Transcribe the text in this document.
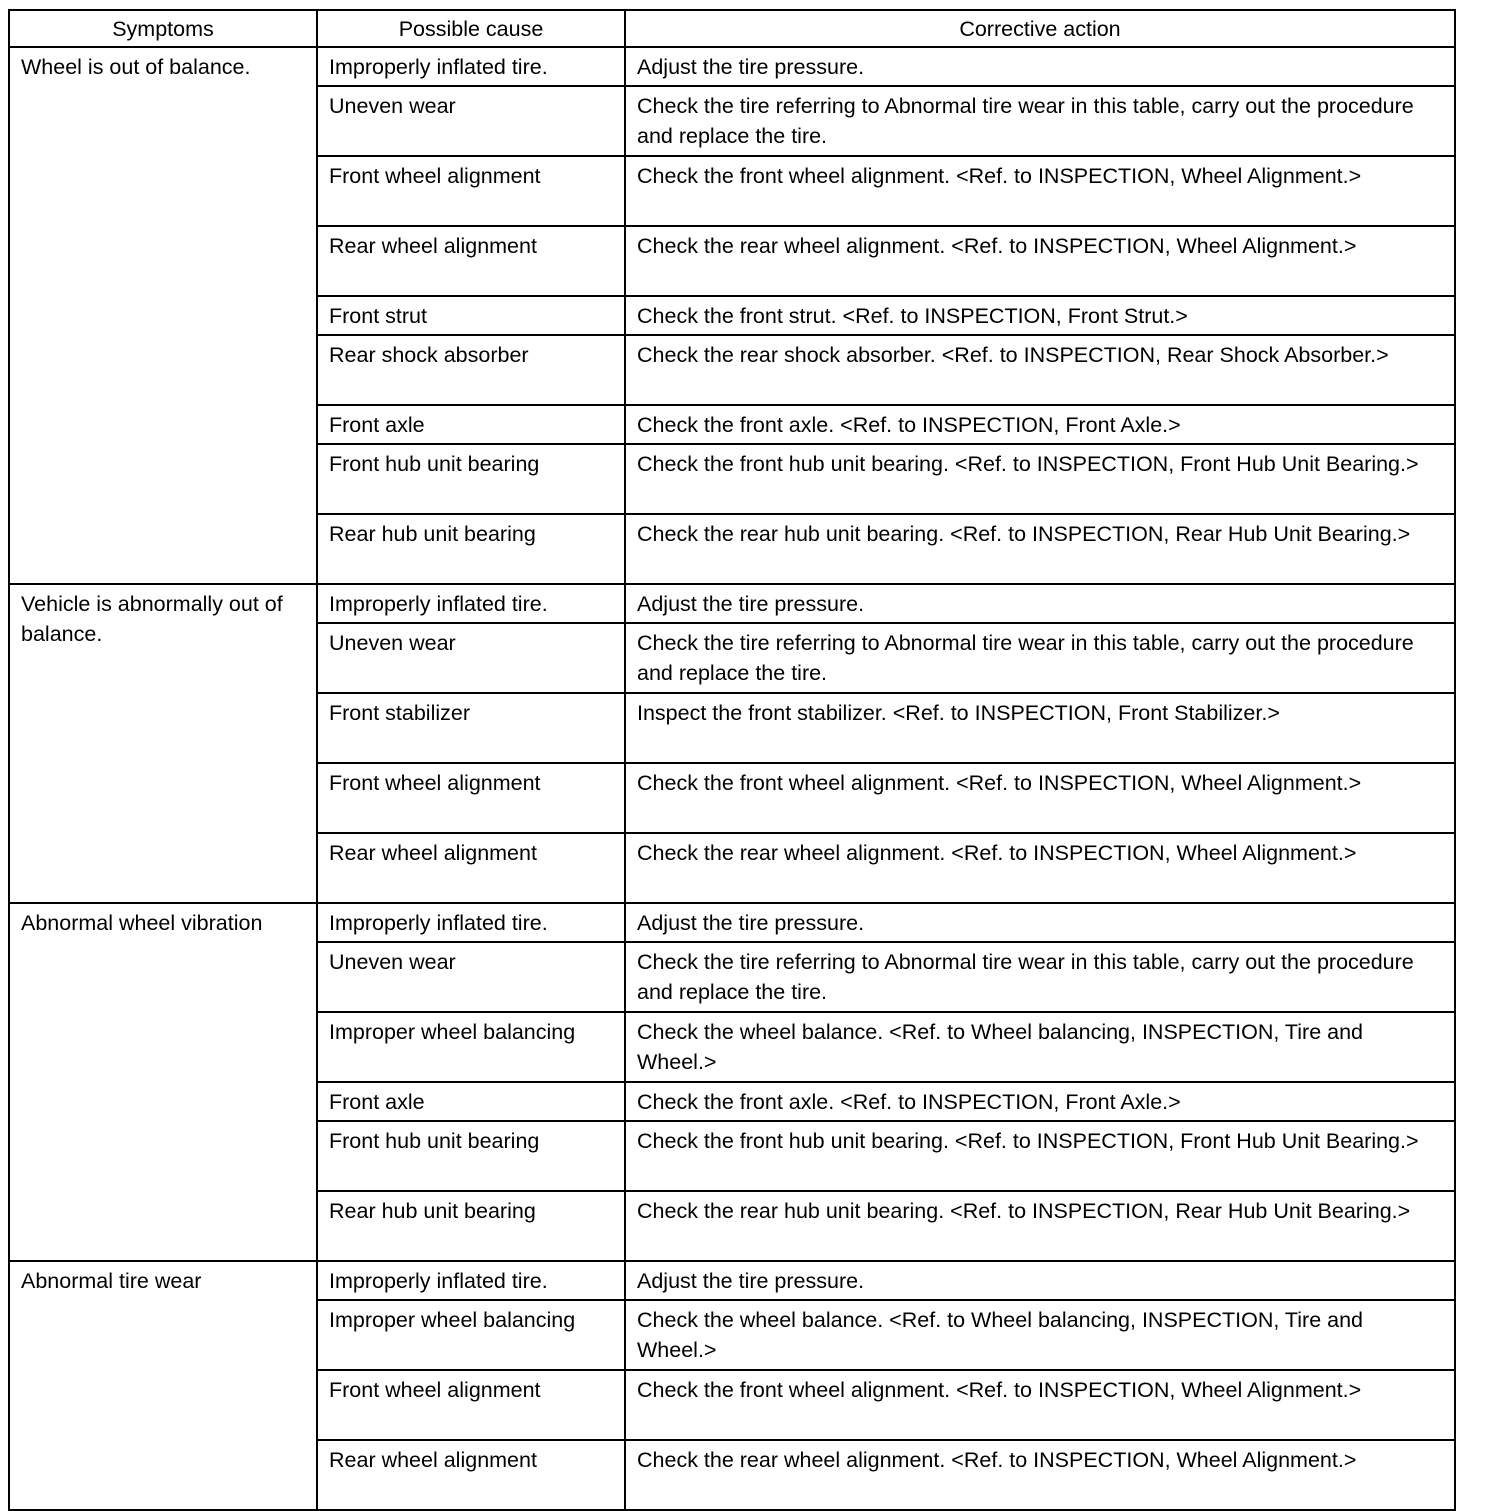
Symptoms	Possible cause	Corrective action
Wheel is out of balance.	Improperly inflated tire.	Adjust the tire pressure.
	Uneven wear	Check the tire referring to Abnormal tire wear in this table, carry out the procedure and replace the tire.
	Front wheel alignment	Check the front wheel alignment. <Ref. to INSPECTION, Wheel Alignment.>
	Rear wheel alignment	Check the rear wheel alignment. <Ref. to INSPECTION, Wheel Alignment.>
	Front strut	Check the front strut. <Ref. to INSPECTION, Front Strut.>
	Rear shock absorber	Check the rear shock absorber. <Ref. to INSPECTION, Rear Shock Absorber.>
	Front axle	Check the front axle. <Ref. to INSPECTION, Front Axle.>
	Front hub unit bearing	Check the front hub unit bearing. <Ref. to INSPECTION, Front Hub Unit Bearing.>
	Rear hub unit bearing	Check the rear hub unit bearing. <Ref. to INSPECTION, Rear Hub Unit Bearing.>
Vehicle is abnormally out of balance.	Improperly inflated tire.	Adjust the tire pressure.
	Uneven wear	Check the tire referring to Abnormal tire wear in this table, carry out the procedure and replace the tire.
	Front stabilizer	Inspect the front stabilizer. <Ref. to INSPECTION, Front Stabilizer.>
	Front wheel alignment	Check the front wheel alignment. <Ref. to INSPECTION, Wheel Alignment.>
	Rear wheel alignment	Check the rear wheel alignment. <Ref. to INSPECTION, Wheel Alignment.>
Abnormal wheel vibration	Improperly inflated tire.	Adjust the tire pressure.
	Uneven wear	Check the tire referring to Abnormal tire wear in this table, carry out the procedure and replace the tire.
	Improper wheel balancing	Check the wheel balance. <Ref. to Wheel balancing, INSPECTION, Tire and Wheel.>
	Front axle	Check the front axle. <Ref. to INSPECTION, Front Axle.>
	Front hub unit bearing	Check the front hub unit bearing. <Ref. to INSPECTION, Front Hub Unit Bearing.>
	Rear hub unit bearing	Check the rear hub unit bearing. <Ref. to INSPECTION, Rear Hub Unit Bearing.>
Abnormal tire wear	Improperly inflated tire.	Adjust the tire pressure.
	Improper wheel balancing	Check the wheel balance. <Ref. to Wheel balancing, INSPECTION, Tire and Wheel.>
	Front wheel alignment	Check the front wheel alignment. <Ref. to INSPECTION, Wheel Alignment.>
	Rear wheel alignment	Check the rear wheel alignment. <Ref. to INSPECTION, Wheel Alignment.>
